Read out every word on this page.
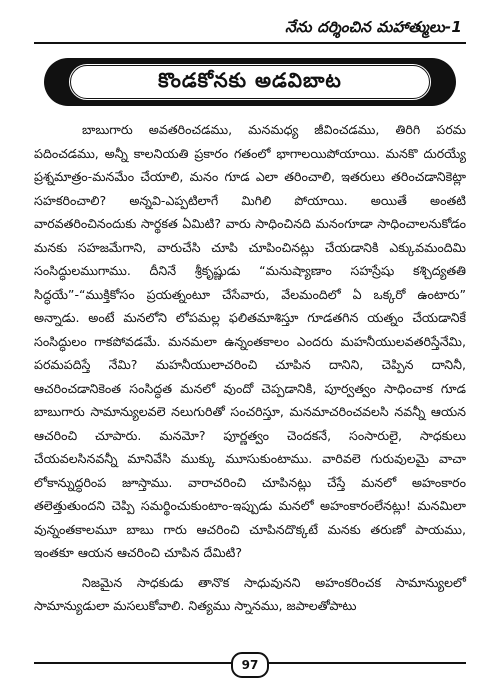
నేను దర్శించిన మహాత్ములు-1
కొండకోనకు అడవిబాట

బాబుగారు అవతరించడము, మనమధ్య జీవించడము, తిరిగి పరమ పదించడము, అన్నీ కాలనియతి ప్రకారం గతంలో భాగాలయిపోయాయి. మనకొ దురయ్యే ప్రశ్నమాత్రం-మనమేం చేయాలి, మనం గూడ ఎలా తరించాలి, ఇతరులు తరించడానికెట్లా సహకరించాలి? అన్నవి-ఎప్పటిలాగే మిగిలి పోయాయి. అయితే అంతటి వారవతరించినందుకు సార్థకత ఏమిటి? వారు సాధించినది మనంగూడా సాధించాలనుకోడం మనకు సహజమేగాని, వారుచేసి చూపి చూపించినట్లు చేయడానికి ఎక్కువమందిమి సంసిద్ధులముగాము. దీనినే శ్రీకృష్ణుడు “మనుష్యాణాం సహస్రేషు కశ్చిద్యతతి సిద్ధయే”-“ముక్తికోసం ప్రయత్నంటూ చేసేవారు, వేలమందిలో ఏ ఒక్కరో ఉంటారు” అన్నాడు. అంటే మనలోని లోపమల్ల ఫలితమాశిస్తూ గూడతగిన యత్నం చేయడానికే సంసిద్ధులం గాకపోవడమే. మనమలా ఉన్నంతకాలం ఎందరు మహనీయులవతరిస్తేనేమి, పరమపదిస్తే నేమి? మహనీయులాచరించి చూపిన దానిని, చెప్పిన దానినీ, ఆచరించడానికెంత సంసిద్ధత మనలో వుందో చెప్పడానికి, పూర్వత్వం సాధించాక గూడ బాబుగారు సామాన్యులవలె నలుగురితో సంచరిస్తూ, మనమాచరించవలసి నవన్నీ ఆయన ఆచరించి చూపారు. మనమో? పూర్ణత్వం చెందకనే, సంసారులై, సాధకులు చేయవలసినవన్నీ మానివేసి ముక్కు మూసుకుంటాము. వారివలె గురువులమై వాచా లోకాన్నుద్ధరింప జూస్తాము. వారాచరించి చూపినట్లు చేస్తే మనలో అహంకారం తలెత్తుతుందని చెప్పి సమర్థించుకుంటాం-ఇప్పుడు మనలో అహంకారంలేనట్లు! మనమిలా వున్నంతకాలమూ బాబు గారు ఆచరించి చూపినదొక్కటే మనకు తరుణో పాయము, ఇంతకూ ఆయన ఆచరించి చూపిన దేమిటి?

నిజమైన సాధకుడు తానొక సాధువునని అహంకరించక సామాన్యులలో సామాన్యుడులా మసలుకోవాలి. నిత్యము స్నానము, జపాలతోపాటు

97
